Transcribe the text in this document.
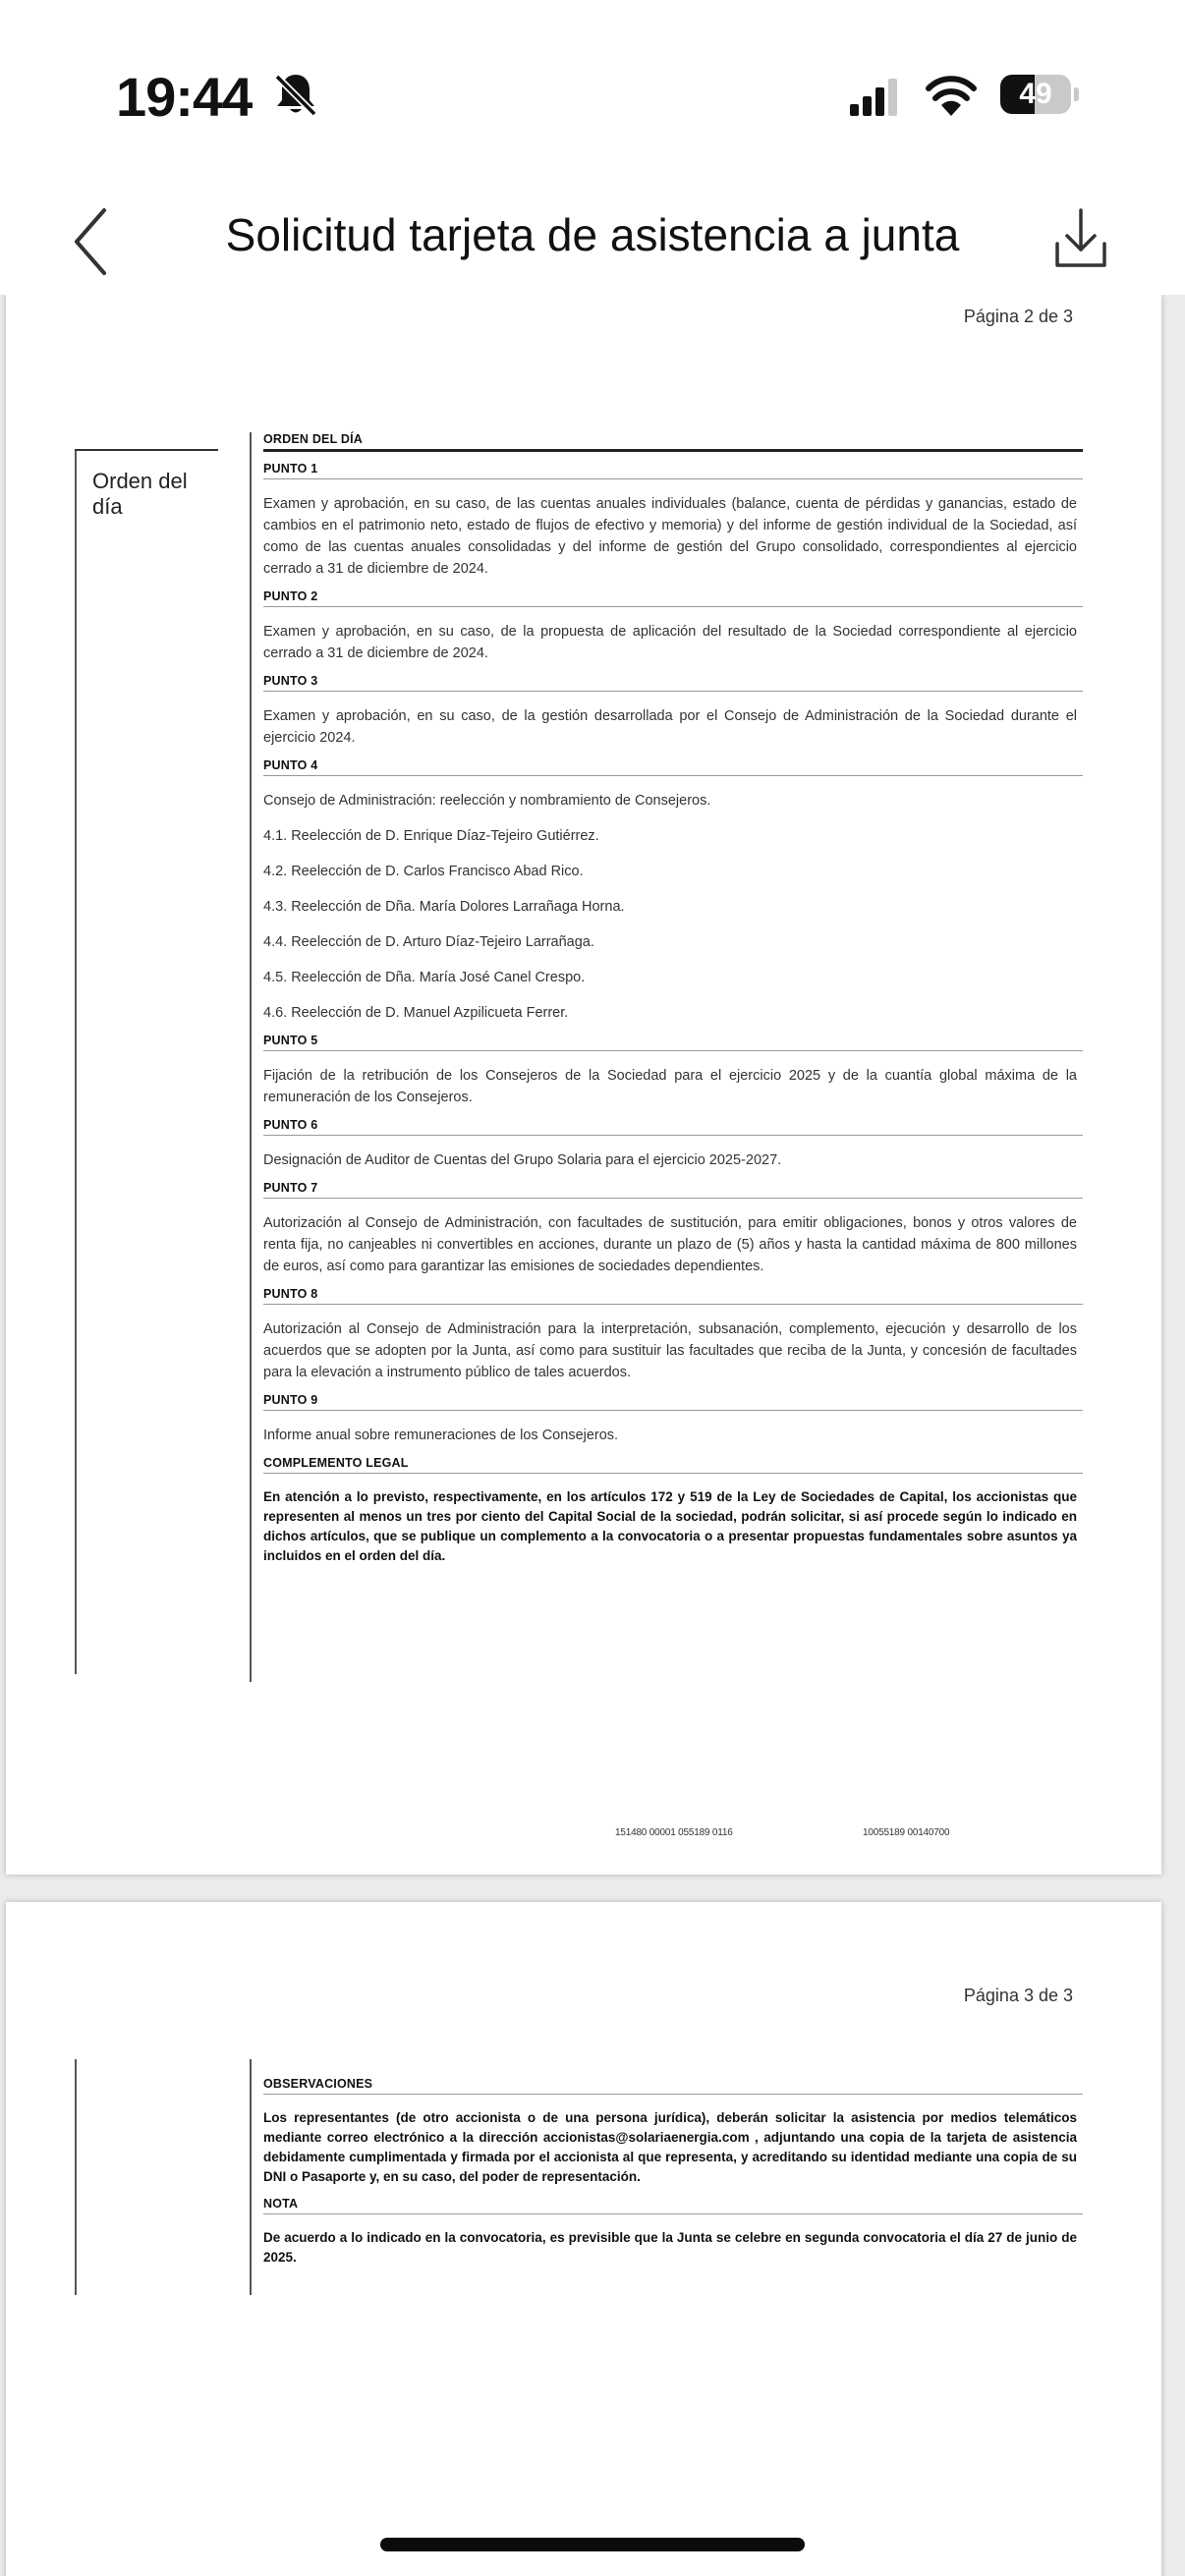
19:44	49
Solicitud tarjeta de asistencia a junta
Página 2 de 3
Orden del día
ORDEN DEL DÍA
PUNTO 1
Examen y aprobación, en su caso, de las cuentas anuales individuales (balance, cuenta de pérdidas y ganancias, estado de cambios en el patrimonio neto, estado de flujos de efectivo y memoria) y del informe de gestión individual de la Sociedad, así como de las cuentas anuales consolidadas y del informe de gestión del Grupo consolidado, correspondientes al ejercicio cerrado a 31 de diciembre de 2024.
PUNTO 2
Examen y aprobación, en su caso, de la propuesta de aplicación del resultado de la Sociedad correspondiente al ejercicio cerrado a 31 de diciembre de 2024.
PUNTO 3
Examen y aprobación, en su caso, de la gestión desarrollada por el Consejo de Administración de la Sociedad durante el ejercicio 2024.
PUNTO 4
Consejo de Administración: reelección y nombramiento de Consejeros.
4.1. Reelección de D. Enrique Díaz-Tejeiro Gutiérrez.
4.2. Reelección de D. Carlos Francisco Abad Rico.
4.3. Reelección de Dña. María Dolores Larrañaga Horna.
4.4. Reelección de D. Arturo Díaz-Tejeiro Larrañaga.
4.5. Reelección de Dña. María José Canel Crespo.
4.6. Reelección de D. Manuel Azpilicueta Ferrer.
PUNTO 5
Fijación de la retribución de los Consejeros de la Sociedad para el ejercicio 2025 y de la cuantía global máxima de la remuneración de los Consejeros.
PUNTO 6
Designación de Auditor de Cuentas del Grupo Solaria para el ejercicio 2025-2027.
PUNTO 7
Autorización al Consejo de Administración, con facultades de sustitución, para emitir obligaciones, bonos y otros valores de renta fija, no canjeables ni convertibles en acciones, durante un plazo de (5) años y hasta la cantidad máxima de 800 millones de euros, así como para garantizar las emisiones de sociedades dependientes.
PUNTO 8
Autorización al Consejo de Administración para la interpretación, subsanación, complemento, ejecución y desarrollo de los acuerdos que se adopten por la Junta, así como para sustituir las facultades que reciba de la Junta, y concesión de facultades para la elevación a instrumento público de tales acuerdos.
PUNTO 9
Informe anual sobre remuneraciones de los Consejeros.
COMPLEMENTO LEGAL
En atención a lo previsto, respectivamente, en los artículos 172 y 519 de la Ley de Sociedades de Capital, los accionistas que representen al menos un tres por ciento del Capital Social de la sociedad, podrán solicitar, si así procede según lo indicado en dichos artículos, que se publique un complemento a la convocatoria o a presentar propuestas fundamentales sobre asuntos ya incluidos en el orden del día.
151480 00001 055189 0116	10055189 00140700
Página 3 de 3
OBSERVACIONES
Los representantes (de otro accionista o de una persona jurídica), deberán solicitar la asistencia por medios telemáticos mediante correo electrónico a la dirección accionistas@solariaenergia.com , adjuntando una copia de la tarjeta de asistencia debidamente cumplimentada y firmada por el accionista al que representa, y acreditando su identidad mediante una copia de su DNI o Pasaporte y, en su caso, del poder de representación.
NOTA
De acuerdo a lo indicado en la convocatoria, es previsible que la Junta se celebre en segunda convocatoria el día 27 de junio de 2025.
